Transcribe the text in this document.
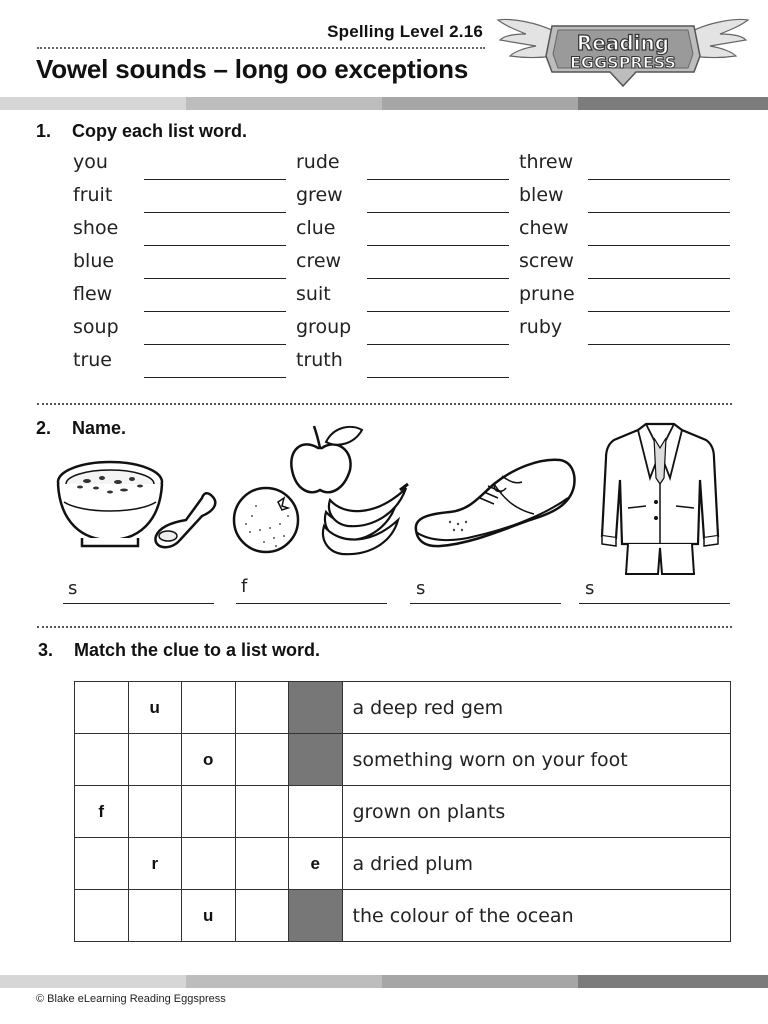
Spelling Level 2.16
Vowel sounds – long oo exceptions
Reading
EGGSPRESS
1. Copy each list word.
you
fruit
shoe
blue
flew
soup
true
rude
grew
clue
crew
suit
group
truth
threw
blew
chew
screw
prune
ruby
2. Name.
s	f	s	s
3. Match the clue to a list word.
	u				a deep red gem
		o			something worn on your foot
f					grown on plants
	r			e	a dried plum
		u			the colour of the ocean
© Blake eLearning Reading Eggspress
